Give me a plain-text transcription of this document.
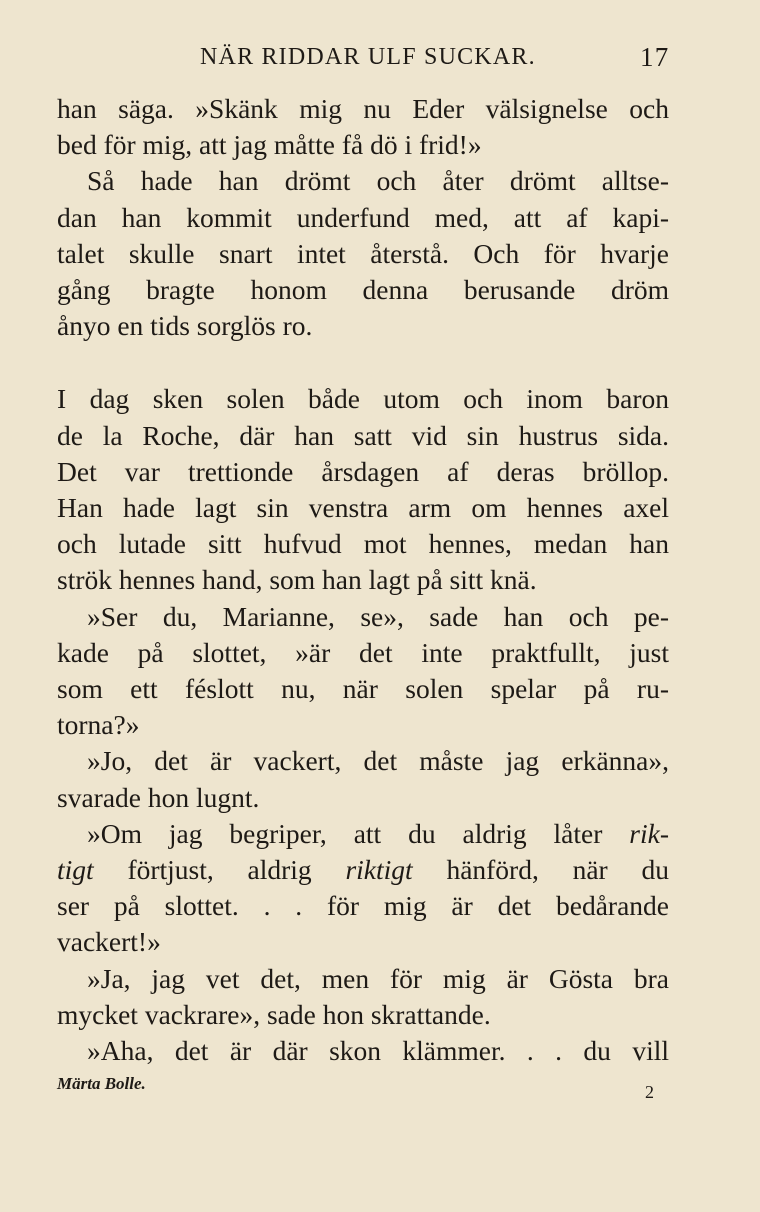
NÄR RIDDAR ULF SUCKAR.	17

han säga. »Skänk mig nu Eder välsignelse och

bed för mig, att jag måtte få dö i frid!»

Så hade han drömt och åter drömt alltse-

dan han kommit underfund med, att af kapi-

talet skulle snart intet återstå. Och för hvarje

gång bragte honom denna berusande dröm

ånyo en tids sorglös ro.

I dag sken solen både utom och inom baron

de la Roche, där han satt vid sin hustrus sida.

Det var trettionde årsdagen af deras bröllop.

Han hade lagt sin venstra arm om hennes axel

och lutade sitt hufvud mot hennes, medan han

strök hennes hand, som han lagt på sitt knä.

»Ser du, Marianne, se», sade han och pe-

kade på slottet, »är det inte praktfullt, just

som ett féslott nu, när solen spelar på ru-

torna?»

»Jo, det är vackert, det måste jag erkänna»,

svarade hon lugnt.

»Om jag begriper, att du aldrig låter rik-

tigt förtjust, aldrig riktigt hänförd, när du

ser på slottet. . . för mig är det bedårande

vackert!»

»Ja, jag vet det, men för mig är Gösta bra

mycket vackrare», sade hon skrattande.

»Aha, det är där skon klämmer. . . du vill

Märta Bolle.	2
